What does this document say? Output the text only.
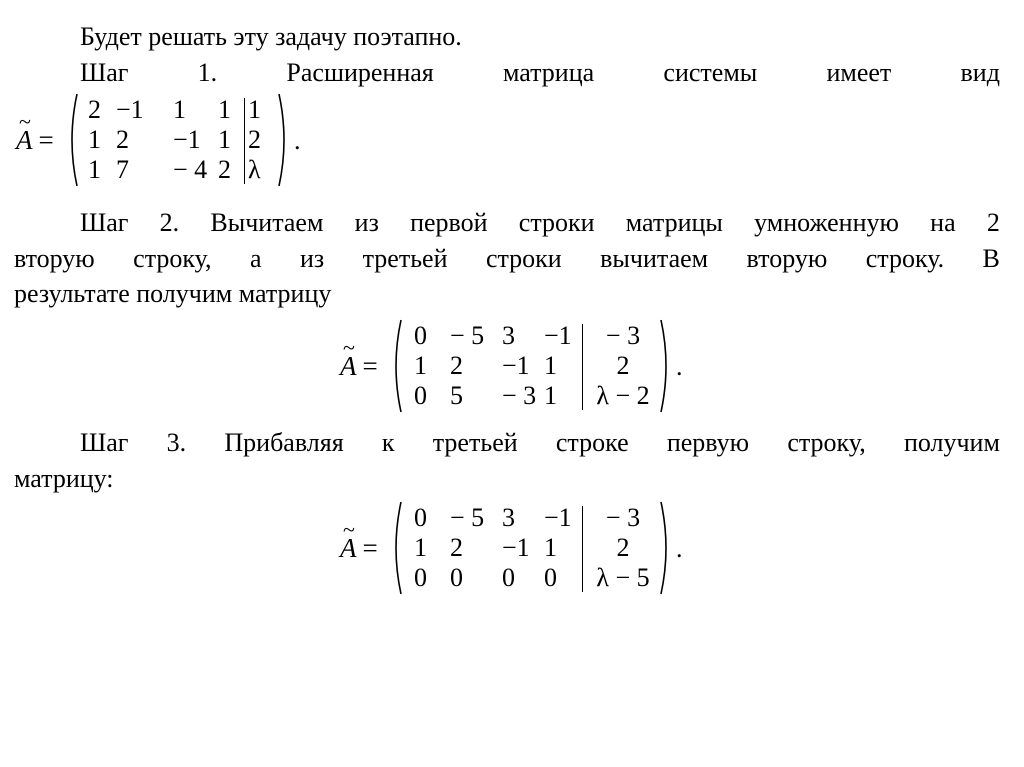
Будет решать эту задачу поэтапно.
Шаг	1.	Расширенная	матрица	системы	имеет	вид
~ A =
2 −1 1 1 1
1 2 −1 1 2
1 7 − 4 2 λ
.
Шаг 2. Вычитаем из первой строки матрицы умноженную на 2
вторую строку, а из третьей строки вычитаем вторую строку. В
результате получим матрицу
~ A =
0 − 5 3 −1	− 3
1 2 −1 1	2
0 5 − 3 1	λ − 2
.
Шаг 3. Прибавляя к третьей строке первую строку, получим
матрицу:
~ A =
0 − 5 3 −1	− 3
1 2 −1 1	2
0 0 0 0	λ − 5
.
